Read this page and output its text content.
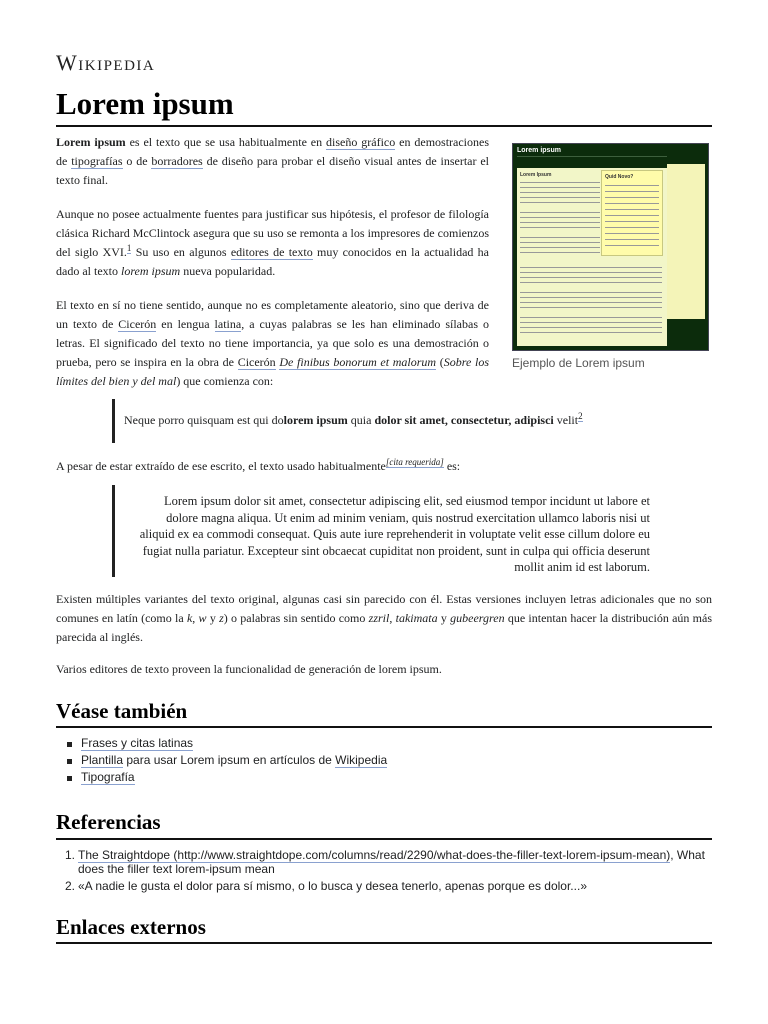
Wikipedia
Lorem ipsum

Lorem ipsum es el texto que se usa habitualmente en diseño gráfico en demostraciones de tipografías o de borradores de diseño para probar el diseño visual antes de insertar el texto final.

Aunque no posee actualmente fuentes para justificar sus hipótesis, el profesor de filología clásica Richard McClintock asegura que su uso se remonta a los impresores de comienzos del siglo XVI.$^1$ Su uso en algunos editores de texto muy conocidos en la actualidad ha dado al texto lorem ipsum nueva popularidad.

El texto en sí no tiene sentido, aunque no es completamente aleatorio, sino que deriva de un texto de Cicerón en lengua latina, a cuyas palabras se les han eliminado sílabas o letras. El significado del texto no tiene importancia, ya que solo es una demostración o prueba, pero se inspira en la obra de Cicerón De finibus bonorum et malorum (Sobre los límites del bien y del mal) que comienza con:

Lorem ipsum
Lorem Ipsum	Quid Novo?
Ejemplo de Lorem ipsum
Neque porro quisquam est qui dolorem ipsum quia dolor sit amet, consectetur, adipisci velit$^2$
A pesar de estar extraído de ese escrito, el texto usado habitualmente[cita requerida] es:
Lorem ipsum dolor sit amet, consectetur adipiscing elit, sed eiusmod tempor incidunt ut labore et dolore magna aliqua. Ut enim ad minim veniam, quis nostrud exercitation ullamco laboris nisi ut aliquid ex ea commodi consequat. Quis aute iure reprehenderit in voluptate velit esse cillum dolore eu fugiat nulla pariatur. Excepteur sint obcaecat cupiditat non proident, sunt in culpa qui officia deserunt mollit anim id est laborum.
Existen múltiples variantes del texto original, algunas casi sin parecido con él. Estas versiones incluyen letras adicionales que no son comunes en latín (como la k, w y z) o palabras sin sentido como zzril, takimata y gubeergren que intentan hacer la distribución aún más parecida al inglés.
Varios editores de texto proveen la funcionalidad de generación de lorem ipsum.
Véase también
Frases y citas latinas
Plantilla para usar Lorem ipsum en artículos de Wikipedia
Tipografía
Referencias
1. The Straightdope (http://www.straightdope.com/columns/read/2290/what-does-the-filler-text-lorem-ipsum-mean), What does the filler text lorem-ipsum mean
2. «A nadie le gusta el dolor para sí mismo, o lo busca y desea tenerlo, apenas porque es dolor...»
Enlaces externos
